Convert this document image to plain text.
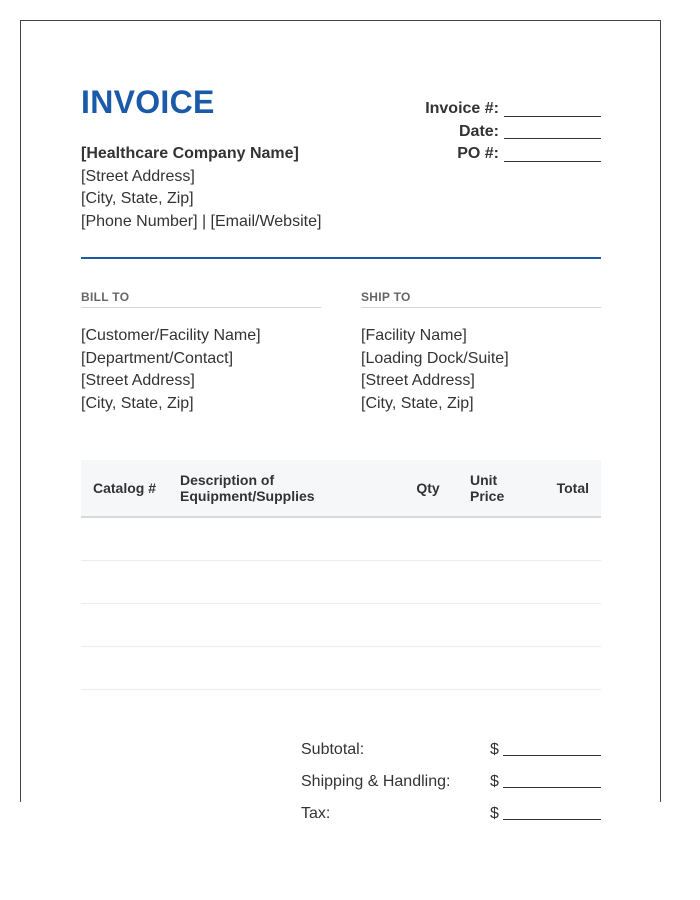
INVOICE
[Healthcare Company Name]
[Street Address]
[City, State, Zip]
[Phone Number] | [Email/Website]
Invoice #:
Date:
PO #:
BILL TO
[Customer/Facility Name]
[Department/Contact]
[Street Address]
[City, State, Zip]
SHIP TO
[Facility Name]
[Loading Dock/Suite]
[Street Address]
[City, State, Zip]
Catalog #	Description of Equipment/Supplies	Qty	Unit Price	Total

Subtotal:	$
Shipping & Handling:	$
Tax:	$
